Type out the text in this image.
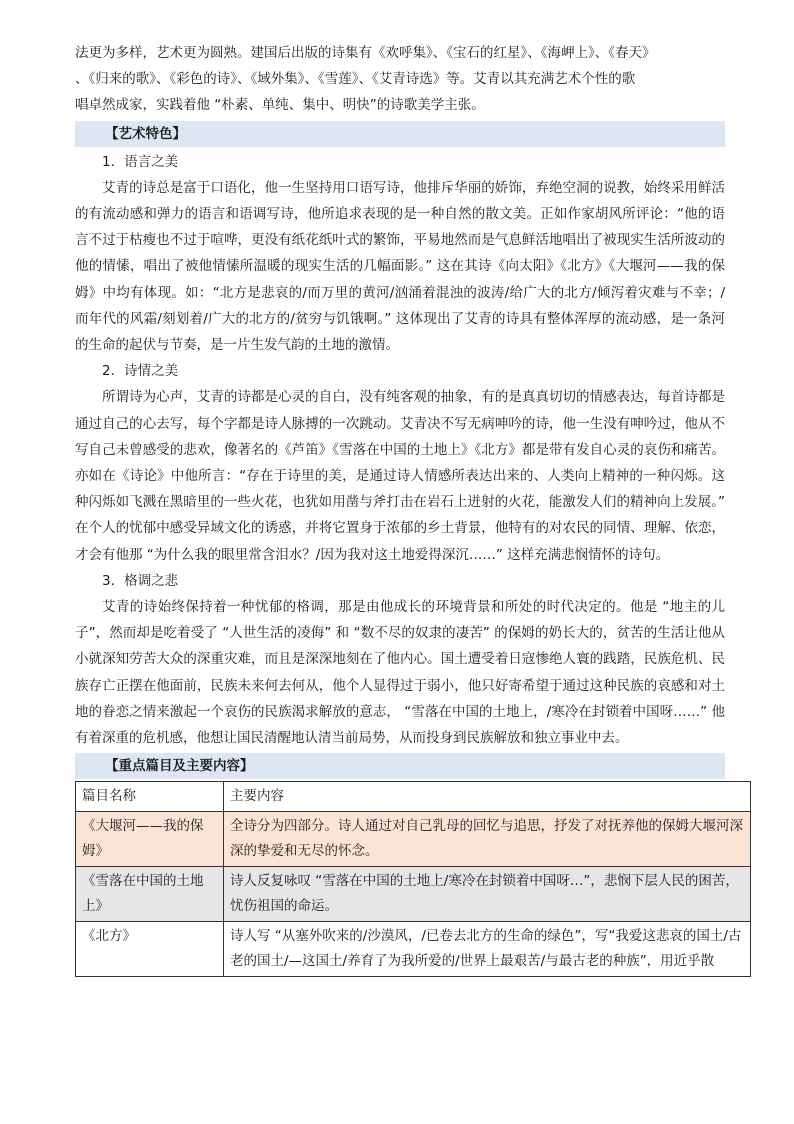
法更为多样，艺术更为圆熟。建国后出版的诗集有《欢呼集》、《宝石的红星》、《海岬上》、《春天》

、《归来的歌》、《彩色的诗》、《域外集》、《雪莲》、《艾青诗选》等。艾青以其充满艺术个性的歌

唱卓然成家，实践着他 “朴素、单纯、集中、明快”的诗歌美学主张。

【艺术特色】
1．语言之美

艾青的诗总是富于口语化，他一生坚持用口语写诗，他排斥华丽的娇饰，弃绝空洞的说教，始终采用鲜活的有流动感和弹力的语言和语调写诗，他所追求表现的是一种自然的散文美。正如作家胡风所评论：“他的语言不过于枯瘦也不过于喧哗，更没有纸花纸叶式的繁饰，平易地然而是气息鲜活地唱出了被现实生活所波动的他的情愫，唱出了被他情愫所温暖的现实生活的几幅面影。” 这在其诗《向太阳》《北方》《大堰河——我的保姆》中均有体现。如：“北方是悲哀的/而万里的黄河/汹涌着混浊的波涛/给广大的北方/倾泻着灾难与不幸；/而年代的风霜/刻划着/广大的北方的/贫穷与饥饿啊。” 这体现出了艾青的诗具有整体浑厚的流动感，是一条河的生命的起伏与节奏，是一片生发气韵的土地的激情。

2．诗情之美

所谓诗为心声，艾青的诗都是心灵的自白，没有纯客观的抽象，有的是真真切切的情感表达，每首诗都是通过自己的心去写，每个字都是诗人脉搏的一次跳动。艾青决不写无病呻吟的诗，他一生没有呻吟过，他从不写自己未曾感受的悲欢，像著名的《芦笛》《雪落在中国的土地上》《北方》都是带有发自心灵的哀伤和痛苦。亦如在《诗论》中他所言：“存在于诗里的美，是通过诗人情感所表达出来的、人类向上精神的一种闪烁。这种闪烁如飞溅在黑暗里的一些火花，也犹如用凿与斧打击在岩石上迸射的火花，能激发人们的精神向上发展。” 在个人的忧郁中感受异域文化的诱惑，并将它置身于浓郁的乡土背景，他特有的对农民的同情、理解、依恋，才会有他那 “为什么我的眼里常含泪水？/因为我对这土地爱得深沉……” 这样充满悲悯情怀的诗句。

3．格调之悲

艾青的诗始终保持着一种忧郁的格调，那是由他成长的环境背景和所处的时代决定的。他是 “地主的儿子”，然而却是吃着受了 “人世生活的凌侮” 和 “数不尽的奴隶的凄苦” 的保姆的奶长大的，贫苦的生活让他从小就深知劳苦大众的深重灾难，而且是深深地刻在了他内心。国土遭受着日寇惨绝人寰的践踏，民族危机、民族存亡正摆在他面前，民族未来何去何从，他个人显得过于弱小，他只好寄希望于通过这种民族的哀感和对土地的眷恋之情来激起一个哀伤的民族渴求解放的意志， “雪落在中国的土地上，/寒冷在封锁着中国呀……” 他有着深重的危机感，他想让国民清醒地认清当前局势，从而投身到民族解放和独立事业中去。

【重点篇目及主要内容】
篇目名称	主要内容
《大堰河——我的保姆》	全诗分为四部分。诗人通过对自己乳母的回忆与追思，抒发了对抚养他的保姆大堰河深深的挚爱和无尽的怀念。
《雪落在中国的土地上》	诗人反复咏叹 “雪落在中国的土地上/寒冷在封锁着中国呀…”，悲悯下层人民的困苦，忧伤祖国的命运。
《北方》	诗人写 “从塞外吹来的/沙漠风，/已卷去北方的生命的绿色”，写“我爱这悲哀的国土/古老的国土/—这国土/养育了为我所爱的/世界上最艰苦/与最古老的种族”，用近乎散
